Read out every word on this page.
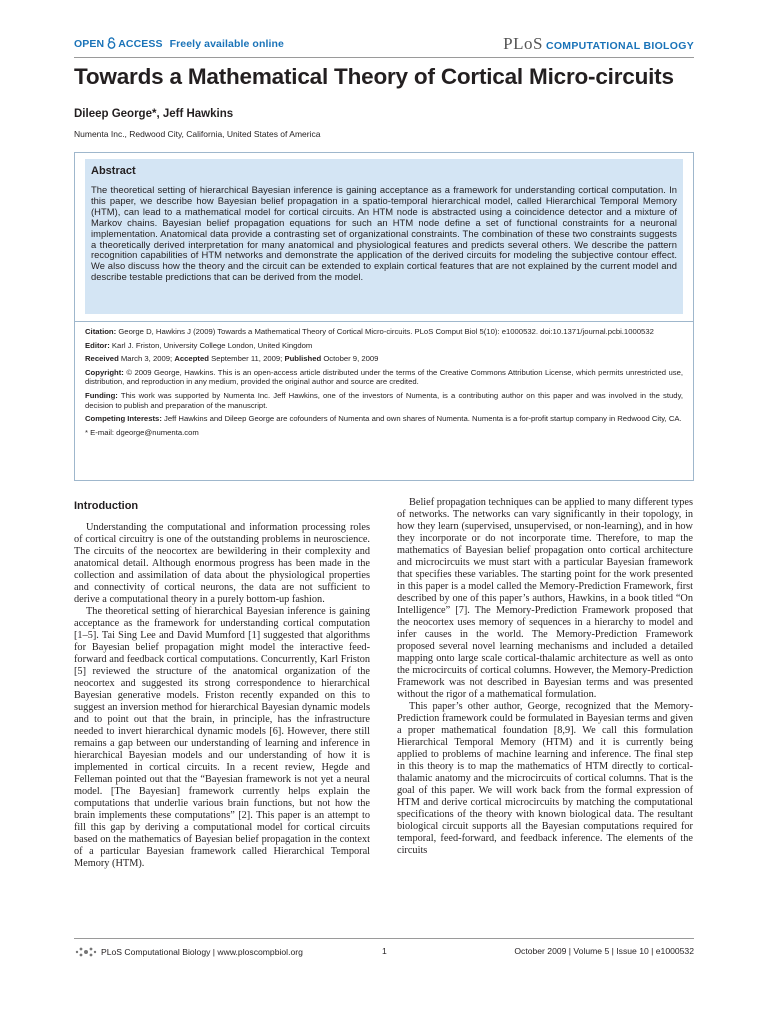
OPEN ACCESS Freely available online	PLoS COMPUTATIONAL BIOLOGY
Towards a Mathematical Theory of Cortical Micro-circuits
Dileep George*, Jeff Hawkins
Numenta Inc., Redwood City, California, United States of America
Abstract

The theoretical setting of hierarchical Bayesian inference is gaining acceptance as a framework for understanding cortical computation. In this paper, we describe how Bayesian belief propagation in a spatio-temporal hierarchical model, called Hierarchical Temporal Memory (HTM), can lead to a mathematical model for cortical circuits. An HTM node is abstracted using a coincidence detector and a mixture of Markov chains. Bayesian belief propagation equations for such an HTM node define a set of functional constraints for a neuronal implementation. Anatomical data provide a contrasting set of organizational constraints. The combination of these two constraints suggests a theoretically derived interpretation for many anatomical and physiological features and predicts several others. We describe the pattern recognition capabilities of HTM networks and demonstrate the application of the derived circuits for modeling the subjective contour effect. We also discuss how the theory and the circuit can be extended to explain cortical features that are not explained by the current model and describe testable predictions that can be derived from the model.

Citation: George D, Hawkins J (2009) Towards a Mathematical Theory of Cortical Micro-circuits. PLoS Comput Biol 5(10): e1000532. doi:10.1371/journal.pcbi.1000532

Editor: Karl J. Friston, University College London, United Kingdom

Received March 3, 2009; Accepted September 11, 2009; Published October 9, 2009

Copyright: © 2009 George, Hawkins. This is an open-access article distributed under the terms of the Creative Commons Attribution License, which permits unrestricted use, distribution, and reproduction in any medium, provided the original author and source are credited.

Funding: This work was supported by Numenta Inc. Jeff Hawkins, one of the investors of Numenta, is a contributing author on this paper and was involved in the study, decision to publish and preparation of the manuscript.

Competing Interests: Jeff Hawkins and Dileep George are cofounders of Numenta and own shares of Numenta. Numenta is a for-profit startup company in Redwood City, CA.

* E-mail: dgeorge@numenta.com

Introduction

Understanding the computational and information processing roles of cortical circuitry is one of the outstanding problems in neuroscience. The circuits of the neocortex are bewildering in their complexity and anatomical detail. Although enormous progress has been made in the collection and assimilation of data about the physiological properties and connectivity of cortical neurons, the data are not sufficient to derive a computational theory in a purely bottom-up fashion.

The theoretical setting of hierarchical Bayesian inference is gaining acceptance as the framework for understanding cortical computation [1–5]. Tai Sing Lee and David Mumford [1] suggested that algorithms for Bayesian belief propagation might model the interactive feed-forward and feedback cortical computations. Concurrently, Karl Friston [5] reviewed the structure of the anatomical organization of the neocortex and suggested its strong correspondence to hierarchical Bayesian generative models. Friston recently expanded on this to suggest an inversion method for hierarchical Bayesian dynamic models and to point out that the brain, in principle, has the infrastructure needed to invert hierarchical dynamic models [6]. However, there still remains a gap between our understanding of learning and inference in hierarchical Bayesian models and our understanding of how it is implemented in cortical circuits. In a recent review, Hegde and Felleman pointed out that the “Bayesian framework is not yet a neural model. [The Bayesian] framework currently helps explain the computations that underlie various brain functions, but not how the brain implements these computations” [2]. This paper is an attempt to fill this gap by deriving a computational model for cortical circuits based on the mathematics of Bayesian belief propagation in the context of a particular Bayesian framework called Hierarchical Temporal Memory (HTM).

Belief propagation techniques can be applied to many different types of networks. The networks can vary significantly in their topology, in how they learn (supervised, unsupervised, or non-learning), and in how they incorporate or do not incorporate time. Therefore, to map the mathematics of Bayesian belief propagation onto cortical architecture and microcircuits we must start with a particular Bayesian framework that specifies these variables. The starting point for the work presented in this paper is a model called the Memory-Prediction Framework, first described by one of this paper’s authors, Hawkins, in a book titled “On Intelligence” [7]. The Memory-Prediction Framework proposed that the neocortex uses memory of sequences in a hierarchy to model and infer causes in the world. The Memory-Prediction Framework proposed several novel learning mechanisms and included a detailed mapping onto large scale cortical-thalamic architecture as well as onto the microcircuits of cortical columns. However, the Memory-Prediction Framework was not described in Bayesian terms and was presented without the rigor of a mathematical formulation.

This paper’s other author, George, recognized that the Memory-Prediction framework could be formulated in Bayesian terms and given a proper mathematical foundation [8,9]. We call this formulation Hierarchical Temporal Memory (HTM) and it is currently being applied to problems of machine learning and inference. The final step in this theory is to map the mathematics of HTM directly to cortical-thalamic anatomy and the microcircuits of cortical columns. That is the goal of this paper. We will work back from the formal expression of HTM and derive cortical microcircuits by matching the computational specifications of the theory with known biological data. The resultant biological circuit supports all the Bayesian computations required for temporal, feed-forward, and feedback inference. The elements of the circuits

PLoS Computational Biology | www.ploscompbiol.org	1	October 2009 | Volume 5 | Issue 10 | e1000532
